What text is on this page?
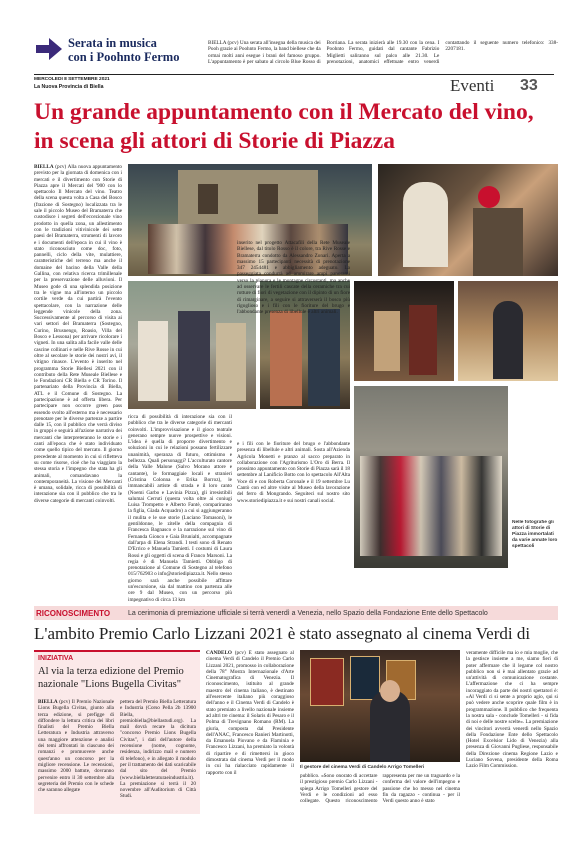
Serata in musica
con i Poohnto Fermo
BIELLA (pcv) Una serata all'insegna della musica dei Pooh grazie ai Poohnto Fermo, la band biellese che da ormai molti anni esegue i brani del famoso gruppo. L'appuntamento è per sabato al circolo Blue Rosso di Borriana. La serata inizierà alle 19.30 con la cena. I Poohnto Fermo, guidati dal cantante Fabrizio Miglietti saliranno sul palco alle 21.30. Le prenotazioni, anatomici effettuate entro venerdì contattando il seguente numero telefonico: 338-2207181.
MERCOLEDÌ 8 SETTEMBRE 2021
La Nuova Provincia di Biella	Eventi	33
Un grande appuntamento con il Mercato del vino, in scena gli attori di Storie di Piazza
BIELLA (pcv) Alla nuova appuntamento previsto per la giornata di domenica con i mercati e il divertimento con Storie di Piazza apre il Mercati del '900 con lo spettacolo Il Mercato del vino. Teatro della scena questa volta a Casa del Bosco (frazione di Sostegno) localizzata tra le sale il piccolo Museo del Bramaterra che custodisce i segreti dell'eccezionale vino prodotto in quella zona, un allestimento con le tradizioni vitivinicole dei sette paesi del Bramaterra, strumenti di lavoro e i documenti dell'epoca in cui il vino è stato riconosciuto come doc, foto, pannelli, ciclo della vite, mulattiere, caratteristiche del terreno ma anche il domaine del bacino della Valle della Gallina, con relativa ricerca trimillenale per la preservazione delle alluvioni. Il Museo gode di una splendida posizione tra le vigne ma all'interno un piccolo cortile verde da cui partirà l'evento spettacolare, con la narrazione delle leggende vinicole della zona. Successivamente al percorso di visita ai vari settori del Bramaterra (Sostegno, Curino, Brusnengo, Roasio, Villa del Bosco e Lessona) per arrivare ricolorare i vigneti. In una salita alla facile valle delle cascine collinari e nelle Rive Rosse in cui oltre al secolare le storie dei nostri avi, il vitigno rinasce. L'evento è inserito nel programma Storie Biellesi 2021 con il contributo della Rete Museale Biellese e le Fondazioni CR Biella e CR Torino. Il partenariato della Provincia di Biella, ATL e il Comune di Sostegno. La partecipazione è ad offerta libera. Per partecipare non occorre green pass essendo svolto all'esterno ma è necessario prenotare per le diverse partenze a partire dalle 15, con il pubblico che verrà diviso in gruppi e seguirà all'azione narrativa dei mercanti che interpreteranno le storie e i canti all'epoca che è stato individuato come quello tipico del mercato. Il giorno precedente al momento in cui si rifletteva su come risorse, cioè che ha viaggiato la stessa storia e l'impegno che stata ha gli animali, comandavano la contemporaneità. La visione dei Mercanti è umana, solidale, ricca di possibilità di interazione sia con il pubblico che tra le diverse categorie di mercanti coinvolti.
Nelle fotografie gli attori di Storie di Piazza immortalati da varie annate loro spettacoli
ricca di possibilità di interazione sia con il pubblico che tra le diverse categorie di mercanti coinvolti. L'improvvisazione e il gioco teatrale generano sempre nuove prospettive e visioni. L'idea è quella di proporre divertimento e soluzioni in cui le relazioni possano fertilizzare unanimità, speranza di futuro, ottimismo e bellezza. Quali personaggi? L'acculturato cantore della Valle Malone (Salvo Morano attore e cantante), le formaggiaie locali e stranieri (Cristina Colonna e Erika Borroz), le immancabili artiste di strada e il loro canto (Noemi Garbo e Lavinia Pizza), gli irresistibili salumai Cerruti (questa volta oltre ai coniugi Luisa Trompetto e Alberto Fantè, compariranno la figlia, Giada Acquadro) a cui si aggiungeranno il mulita e le sue storie (Luciano Tomasoni), le gentildonne, le zitelle della compagnia di Francesca Bagnasco e la narrazione sul vino di Fernanda Gionco e Gaia Brunialti, accompagnate dall'arpa di Elena Strandi. I testi sono di Renato D'Errico e Manuela Tamietti. I costumi di Laura Rossi e gli oggetti di scena di Franco Marsoni. La regia è di Manuela Tamietti. Obbligo di prenotazione al Comune di Sostegno al telefono 015/762903 o info@storiedipiazza.it. Nello stesso giorno sarà anche possibile affittare un'escursione, sia dal mattino con partenza alle ore 9 dal Museo, con un percorso più impegnativo di circa 13 km
inserito nel progetto Attacafili della Rete Museale Biellese, dal titolo Rosso è il colore, tra Rive Rosse e Bramaterra condotto da Alessandro Zonari. Aperta a massimo 15 partecipanti necessità di prenotazione 347 2454481 e abbigliamento adeguato. La passeggiata condurrà ad ammirare ampi panorami verso la pianura e le montagne circostanti, ma anche ad osservare le fertili cascate della ceramiche tra cui rotture di fiori di vegetazione con il dipinto di un fiore di rimarginare, a seguire si attraverserà il bosco più rigoglioso e i fili con le fioriture del brugo e l'abbondante presenza di libellule e altri animali.
e i fili con le fioriture del brugo e l'abbondante presenza di libellule e altri animali. Sosta all'Azienda Agricola Monetti e pranzo al sacco preparato in collaborazione con l'Agriturismo L'Oro di Berra. Il prossimo appuntamento con Storie di Piazza sarà il 18 settembre al Lanificio Botto con lo spettacolo All'Alta Voce di e con Roberta Coronale e il 19 settembre Lu Cantò con ed altre visite al Museo della lavorazione del ferro di Mongrando. Seguiteci sul nostro sito www.storiedipiazza.it e sui nostri canali social.
RICONOSCIMENTO	La cerimonia di premiazione ufficiale si terrà venerdì a Venezia, nello Spazio della Fondazione Ente dello Spettacolo
L'ambito Premio Carlo Lizzani 2021 è stato assegnato al cinema Verdi di
INIZIATIVA
Al via la terza edizione del Premio nazionale "Lions Bugella Civitas"
BIELLA (pcv) Il Premio Nazionale Lions Bugella Civitas, giunto alla terza edizione, si prefigge di diffondere la lettura critica dei libri finalisti del Premio Biella Letteratura e Industria attraverso una maggiore attenzione e analisi dei temi affrontati in ciascuno dei romanzi e promuovere anche quest'anno un concorso per la migliore recensione. Le recensioni, massimo 2000 battute, dovranno pervenire entro il 30 settembre alla segreteria del Premio con le schede che saranno allegate
pettera del Premio Biella Letteratura e Industria (Corso Pella 2b 13900 Biella, premiobiella@biellastudi.org). La mail dovrà recare la dicitura "concorso Premio Lions Bugella Civitas", i dati dell'autore della recensione (nome, cognome, residenza, indirizzo mail e numero di telefono), e in allegato il modulo per il trattamento dei dati scaricabile dal sito del Premio (www.biellaletteraturaeindustria.it). La premiazione si terrà il 20 novembre all'Auditorium di Città Studi.
CANDELO (pcv) È stato assegnato al cinema Verdi di Candelo il Premio Carlo Lizzani 2021, promosso in collaborazione della 78° Mostra Internazionale d'Arte Cinematografica di Venezia. Il riconoscimento, istituito al grande maestro del cinema italiano, è destinato all'esercente italiano più coraggioso dell'anno e il Cinema Verdi di Candelo è stato premiato a livello nazionale insieme ad altri tre cinema: il Solaris di Pesaro e il Polma di Trevignano Romano (RM). La giuria, composta dal Presidente dell'ANAC, Francesco Ranieri Martinotti, da Emanuela Piovano e da Flaminia e Francesco Lizzani, ha premiato la volontà di ripartire e di rimettersi in gioco dimostrata dal cinema Verdi per il modo in cui ha rialacciato rapidamente il rapporto con il
Il gestore del cinema Verdi di Candelo Arrigo Tomelleri
pubblico. «Sono onorato di accettare il prestigioso premio Carlo Lizzani - spiega Arrigo Tomelleri gestore del Verdi e le condizioni ad esso collegate. Questo riconoscimento rappresenta per me un traguardo e la conferma del valore dell'impegno e passione che ho messo nel cinema fin da ragazzo - continua - per il Verdi questo anno è stato
veramente difficile ma io e mia moglie, che la gestisce insieme a me, siamo fieri di poter affermare che il legame col nostro pubblico non si è mai allentato grazie ad un'attività di comunicazione costante. L'affermazione che ci ha sempre incoraggiato da parte dei nostri spettatori è: «Al Verdi ci si sente a proprio agio, qui si può vedere anche scoprire quale film è in programmazione. Il pubblico che frequenta la nostra sala - conclude Tomelleri - si fida di noi e delle nostre scelte». La premiazione dei vincitori avverrà venerdì nello Spazio della Fondazione Ente dello Spettacolo (Hotel Excelsior Lido di Venezia) alla presenza di Giovanni Pugliese, responsabile della Direzione cinema Regione Lazio e Luciano Sovena, presidente della Roma Lazio Film Commission.
